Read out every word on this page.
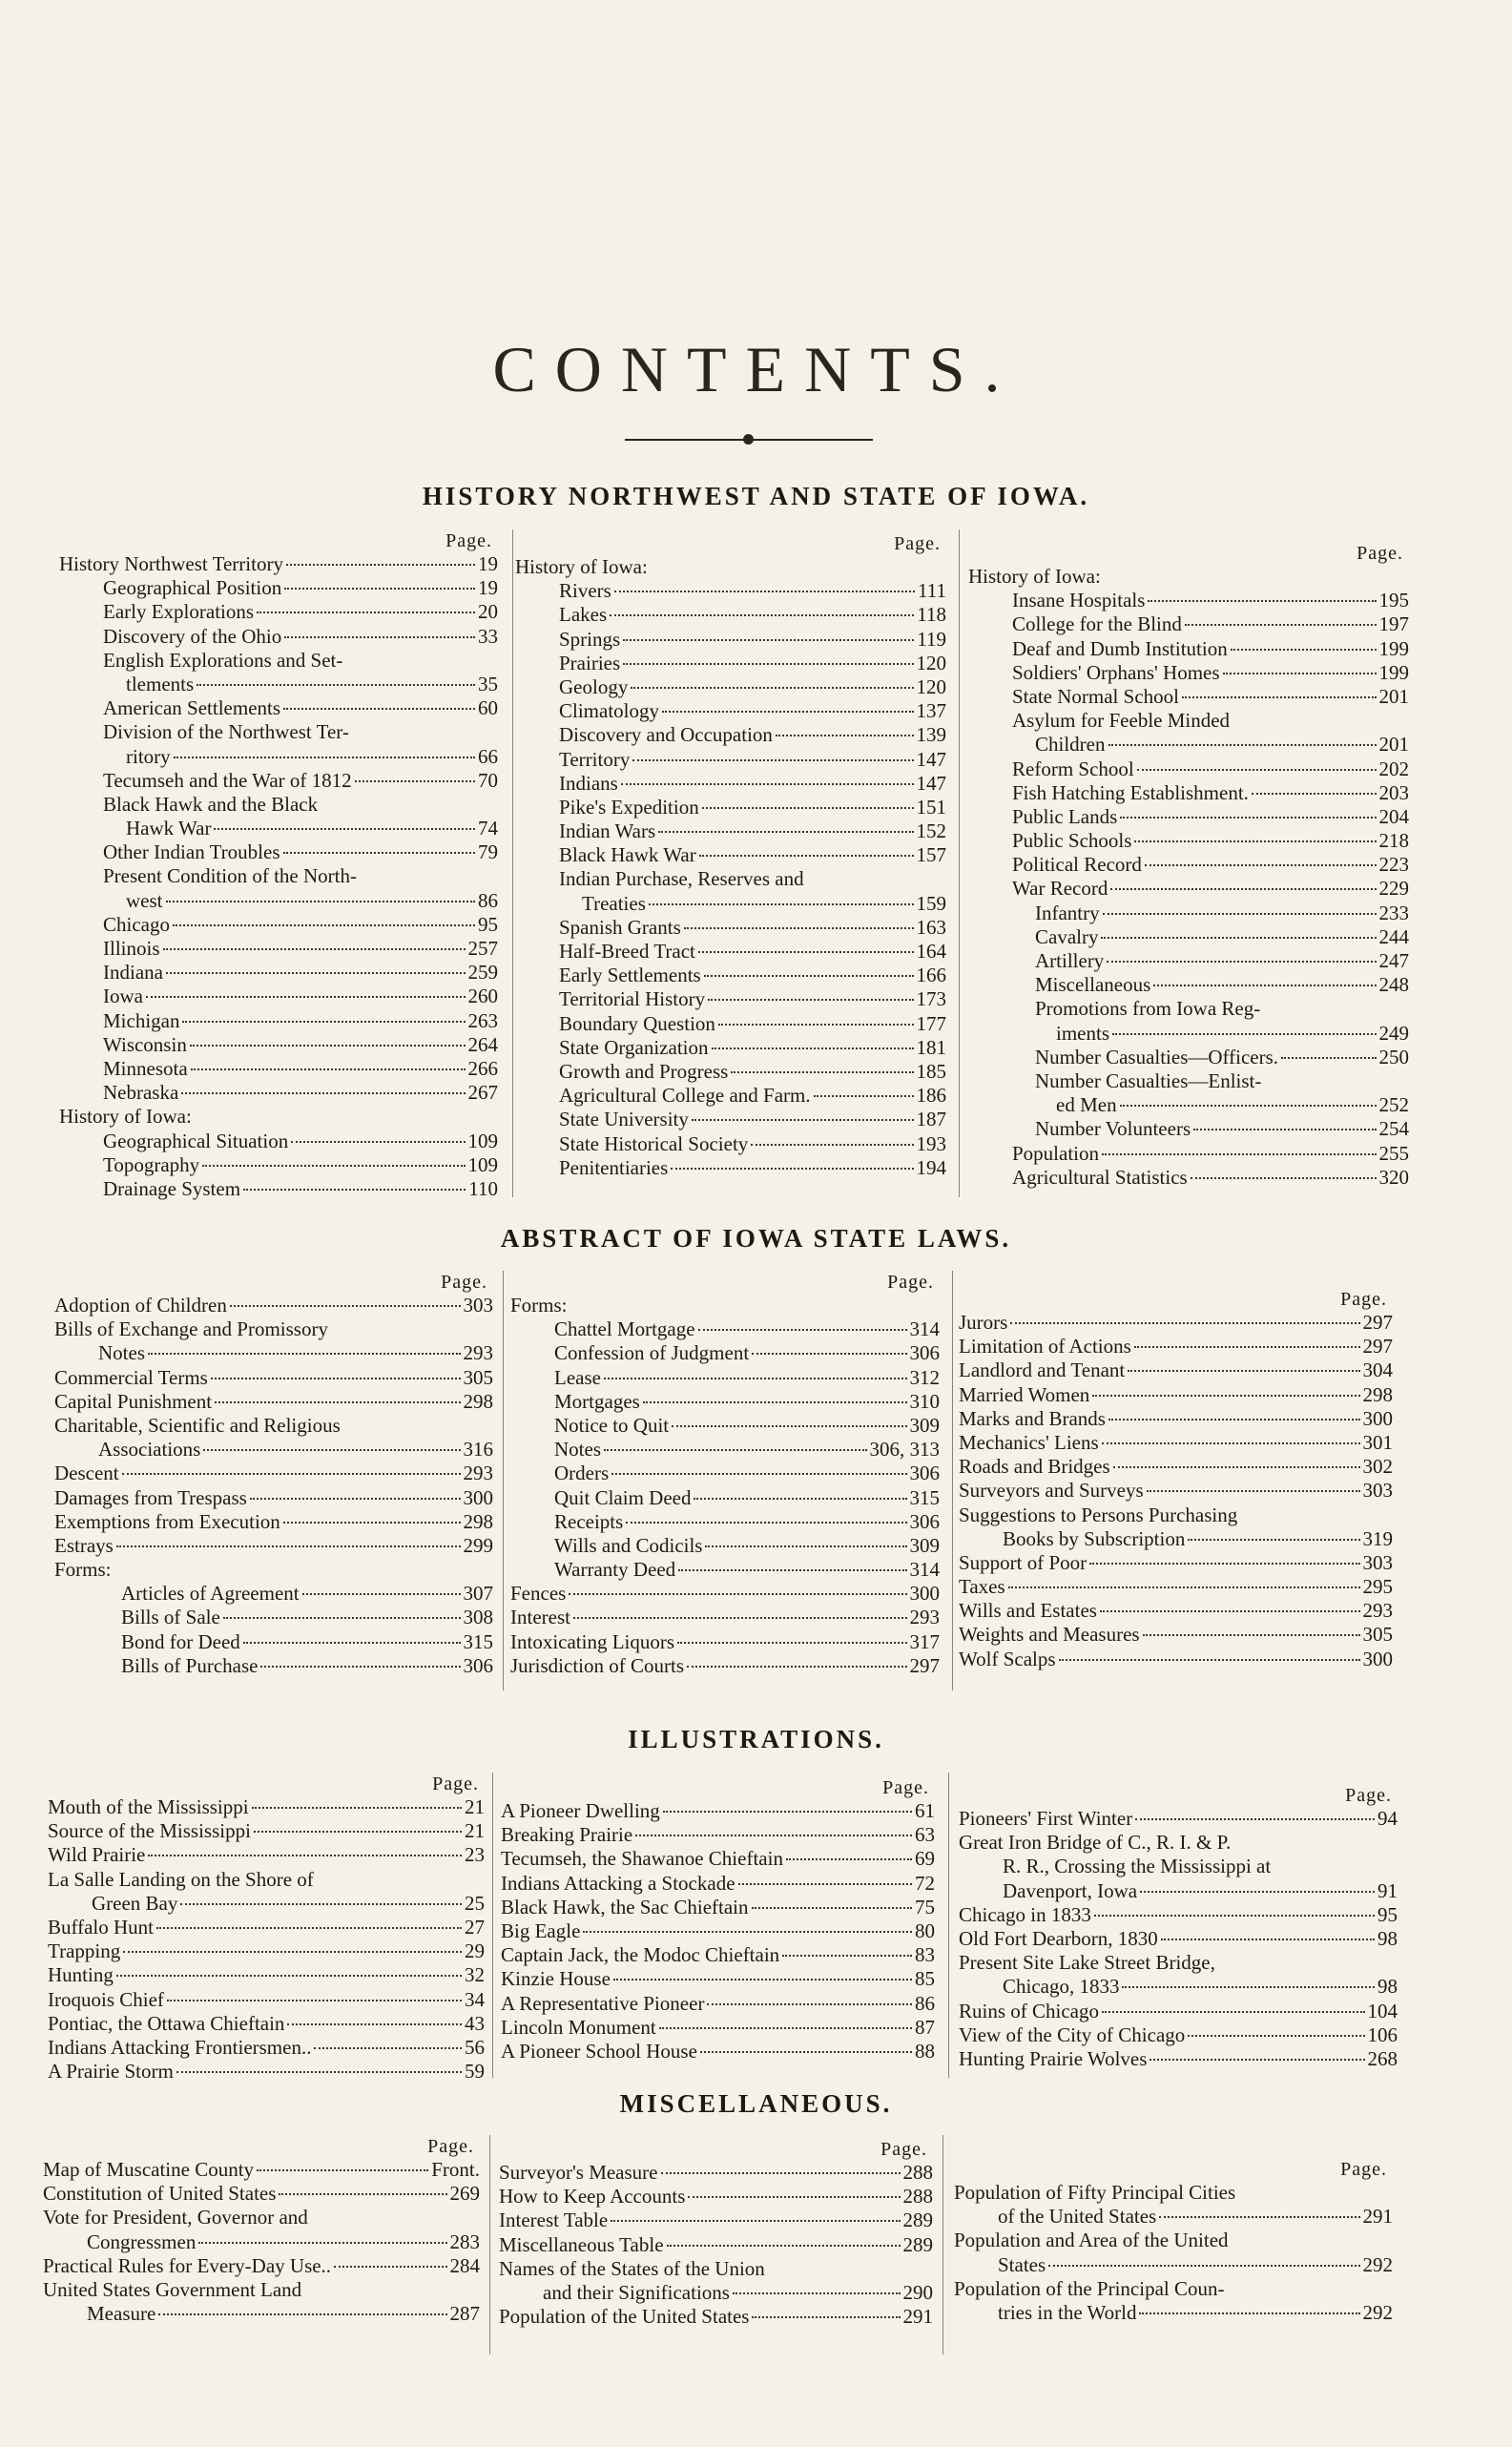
CONTENTS.
HISTORY NORTHWEST AND STATE OF IOWA.
Page.
History Northwest Territory	19
Geographical Position	19
Early Explorations	20
Discovery of the Ohio	33
English Explorations and Set-
tlements	35
American Settlements	60
Division of the Northwest Ter-
ritory	66
Tecumseh and the War of 1812	70
Black Hawk and the Black
Hawk War	74
Other Indian Troubles	79
Present Condition of the North-
west	86
Chicago	95
Illinois	257
Indiana	259
Iowa	260
Michigan	263
Wisconsin	264
Minnesota	266
Nebraska	267
History of Iowa:
Geographical Situation	109
Topography	109
Drainage System	110
Page.
History of Iowa:
Rivers	111
Lakes	118
Springs	119
Prairies	120
Geology	120
Climatology	137
Discovery and Occupation	139
Territory	147
Indians	147
Pike's Expedition	151
Indian Wars	152
Black Hawk War	157
Indian Purchase, Reserves and
Treaties	159
Spanish Grants	163
Half-Breed Tract	164
Early Settlements	166
Territorial History	173
Boundary Question	177
State Organization	181
Growth and Progress	185
Agricultural College and Farm.	186
State University	187
State Historical Society	193
Penitentiaries	194
Page.
History of Iowa:
Insane Hospitals	195
College for the Blind	197
Deaf and Dumb Institution	199
Soldiers' Orphans' Homes	199
State Normal School	201
Asylum for Feeble Minded
Children	201
Reform School	202
Fish Hatching Establishment.	203
Public Lands	204
Public Schools	218
Political Record	223
War Record	229
Infantry	233
Cavalry	244
Artillery	247
Miscellaneous	248
Promotions from Iowa Reg-
iments	249
Number Casualties—Officers.	250
Number Casualties—Enlist-
ed Men	252
Number Volunteers	254
Population	255
Agricultural Statistics	320
ABSTRACT OF IOWA STATE LAWS.
Page.
Adoption of Children	303
Bills of Exchange and Promissory
Notes	293
Commercial Terms	305
Capital Punishment	298
Charitable, Scientific and Religious
Associations	316
Descent	293
Damages from Trespass	300
Exemptions from Execution	298
Estrays	299
Forms:
Articles of Agreement	307
Bills of Sale	308
Bond for Deed	315
Bills of Purchase	306
Page.
Forms:
Chattel Mortgage	314
Confession of Judgment	306
Lease	312
Mortgages	310
Notice to Quit	309
Notes	306, 313
Orders	306
Quit Claim Deed	315
Receipts	306
Wills and Codicils	309
Warranty Deed	314
Fences	300
Interest	293
Intoxicating Liquors	317
Jurisdiction of Courts	297
Page.
Jurors	297
Limitation of Actions	297
Landlord and Tenant	304
Married Women	298
Marks and Brands	300
Mechanics' Liens	301
Roads and Bridges	302
Surveyors and Surveys	303
Suggestions to Persons Purchasing
Books by Subscription	319
Support of Poor	303
Taxes	295
Wills and Estates	293
Weights and Measures	305
Wolf Scalps	300
ILLUSTRATIONS.
Page.
Mouth of the Mississippi	21
Source of the Mississippi	21
Wild Prairie	23
La Salle Landing on the Shore of
Green Bay	25
Buffalo Hunt	27
Trapping	29
Hunting	32
Iroquois Chief	34
Pontiac, the Ottawa Chieftain	43
Indians Attacking Frontiersmen..	56
A Prairie Storm	59
Page.
A Pioneer Dwelling	61
Breaking Prairie	63
Tecumseh, the Shawanoe Chieftain	69
Indians Attacking a Stockade	72
Black Hawk, the Sac Chieftain	75
Big Eagle	80
Captain Jack, the Modoc Chieftain	83
Kinzie House	85
A Representative Pioneer	86
Lincoln Monument	87
A Pioneer School House	88
Page.
Pioneers' First Winter	94
Great Iron Bridge of C., R. I. & P.
R. R., Crossing the Mississippi at
Davenport, Iowa	91
Chicago in 1833	95
Old Fort Dearborn, 1830	98
Present Site Lake Street Bridge,
Chicago, 1833	98
Ruins of Chicago	104
View of the City of Chicago	106
Hunting Prairie Wolves	268
MISCELLANEOUS.
Page.
Map of Muscatine County	Front.
Constitution of United States	269
Vote for President, Governor and
Congressmen	283
Practical Rules for Every-Day Use..	284
United States Government Land
Measure	287
Page.
Surveyor's Measure	288
How to Keep Accounts	288
Interest Table	289
Miscellaneous Table	289
Names of the States of the Union
and their Significations	290
Population of the United States	291
Page.
Population of Fifty Principal Cities
of the United States	291
Population and Area of the United
States	292
Population of the Principal Coun-
tries in the World	292
